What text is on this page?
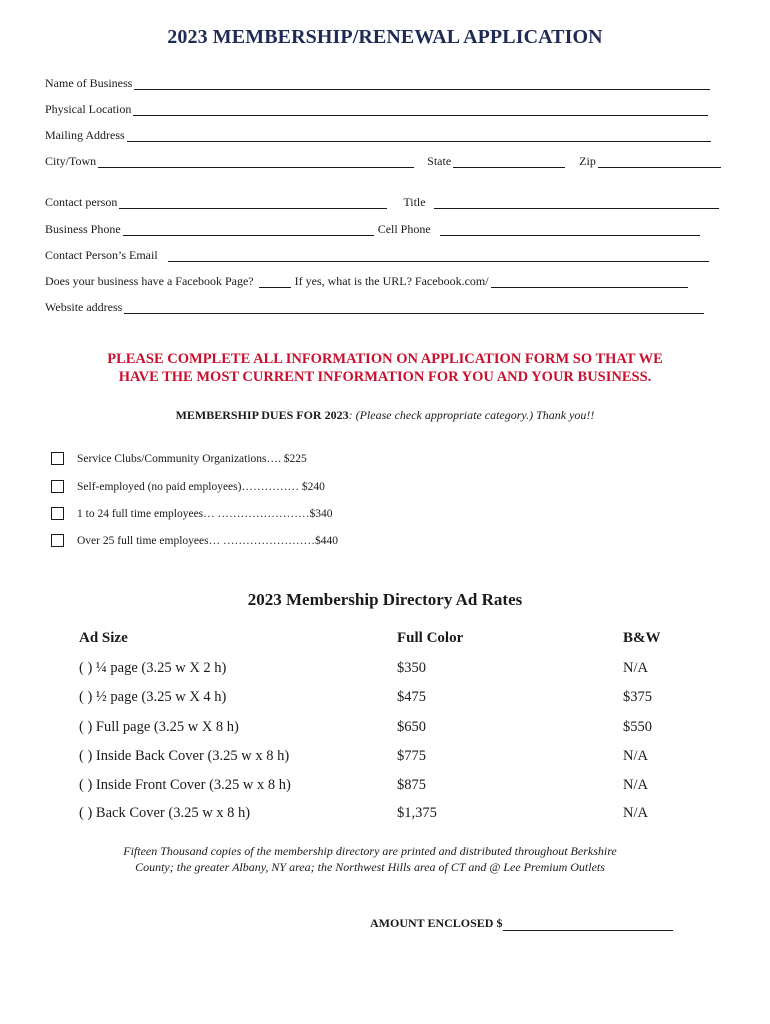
2023 MEMBERSHIP/RENEWAL APPLICATION
Name of Business
Physical Location
Mailing Address
City/Town	State	Zip
Contact person	Title
Business Phone	Cell Phone
Contact Person’s Email
Does your business have a Facebook Page?	If yes, what is the URL? Facebook.com/
Website address
PLEASE COMPLETE ALL INFORMATION ON APPLICATION FORM SO THAT WE
HAVE THE MOST CURRENT INFORMATION FOR YOU AND YOUR BUSINESS.
MEMBERSHIP DUES FOR 2023: (Please check appropriate category.) Thank you!!
Service Clubs/Community Organizations…. $225
Self-employed (no paid employees)…………… $240
1 to 24 full time employees… ……………………$340
Over 25 full time employees… ……………………$440
2023 Membership Directory Ad Rates
Ad Size	Full Color	B&W
( ) ¼ page (3.25 w X 2 h)	$350	N/A
( ) ½ page (3.25 w X 4 h)	$475	$375
( ) Full page (3.25 w X 8 h)	$650	$550
( ) Inside Back Cover (3.25 w x 8 h)	$775	N/A
( ) Inside Front Cover (3.25 w x 8 h)	$875	N/A
( ) Back Cover (3.25 w x 8 h)	$1,375	N/A
Fifteen Thousand copies of the membership directory are printed and distributed throughout Berkshire
County; the greater Albany, NY area; the Northwest Hills area of CT and @ Lee Premium Outlets
AMOUNT ENCLOSED $
